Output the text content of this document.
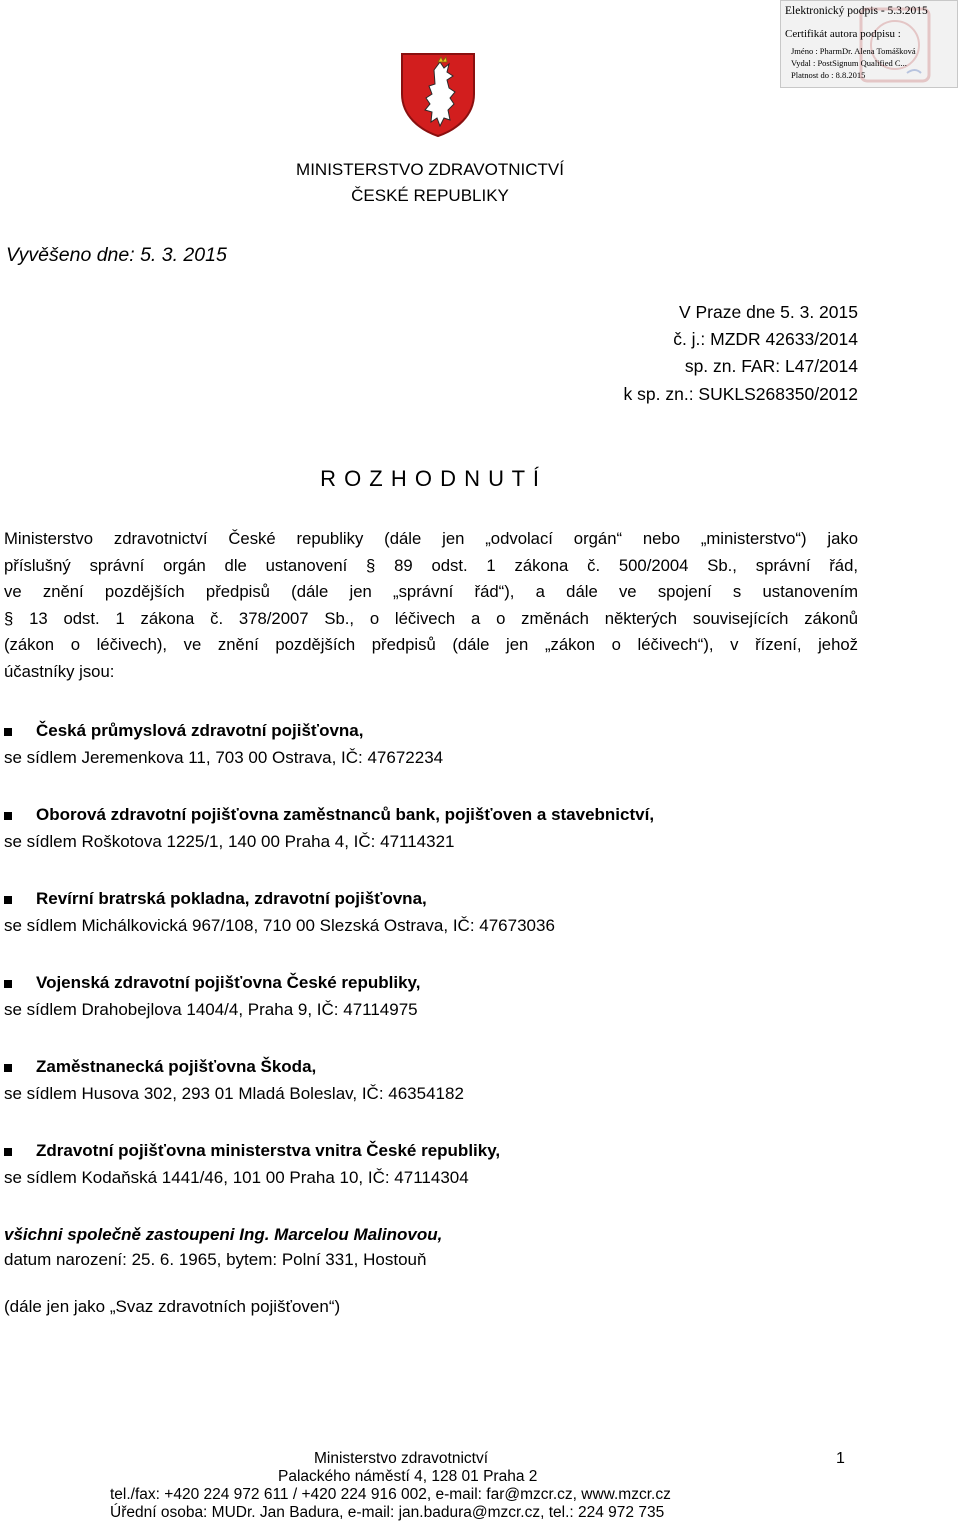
Elektronický podpis - 5.3.2015
Certifikát autora podpisu :
Jméno : PharmDr. Alena Tomášková
Vydal : PostSignum Qualified C...
Platnost do : 8.8.2015
MINISTERSTVO ZDRAVOTNICTVÍ
ČESKÉ REPUBLIKY
Vyvěšeno dne: 5. 3. 2015
V Praze dne 5. 3. 2015
č. j.: MZDR 42633/2014
sp. zn. FAR: L47/2014
k sp. zn.: SUKLS268350/2012
R O Z H O D N U T Í
Ministerstvo zdravotnictví České republiky (dále jen „odvolací orgán“ nebo „ministerstvo“) jako
příslušný správní orgán dle ustanovení § 89 odst. 1 zákona č. 500/2004 Sb., správní řád,
ve znění pozdějších předpisů (dále jen „správní řád“), a dále ve spojení s ustanovením
§ 13 odst. 1 zákona č. 378/2007 Sb., o léčivech a o změnách některých souvisejících zákonů
(zákon o léčivech), ve znění pozdějších předpisů (dále jen „zákon o léčivech“), v řízení, jehož
účastníky jsou:
Česká průmyslová zdravotní pojišťovna,
se sídlem Jeremenkova 11, 703 00 Ostrava, IČ: 47672234
Oborová zdravotní pojišťovna zaměstnanců bank, pojišťoven a stavebnictví,
se sídlem Roškotova 1225/1, 140 00 Praha 4, IČ: 47114321
Revírní bratrská pokladna, zdravotní pojišťovna,
se sídlem Michálkovická 967/108, 710 00 Slezská Ostrava, IČ: 47673036
Vojenská zdravotní pojišťovna České republiky,
se sídlem Drahobejlova 1404/4, Praha 9, IČ: 47114975
Zaměstnanecká pojišťovna Škoda,
se sídlem Husova 302, 293 01 Mladá Boleslav, IČ: 46354182
Zdravotní pojišťovna ministerstva vnitra České republiky,
se sídlem Kodaňská 1441/46, 101 00 Praha 10, IČ: 47114304
všichni společně zastoupeni Ing. Marcelou Malinovou,
datum narození: 25. 6. 1965, bytem: Polní 331, Hostouň
(dále jen jako „Svaz zdravotních pojišťoven“)
Ministerstvo zdravotnictví	1
Palackého náměstí 4, 128 01 Praha 2
tel./fax: +420 224 972 611 / +420 224 916 002, e-mail: far@mzcr.cz, www.mzcr.cz
Úřední osoba: MUDr. Jan Badura, e-mail: jan.badura@mzcr.cz, tel.: 224 972 735
